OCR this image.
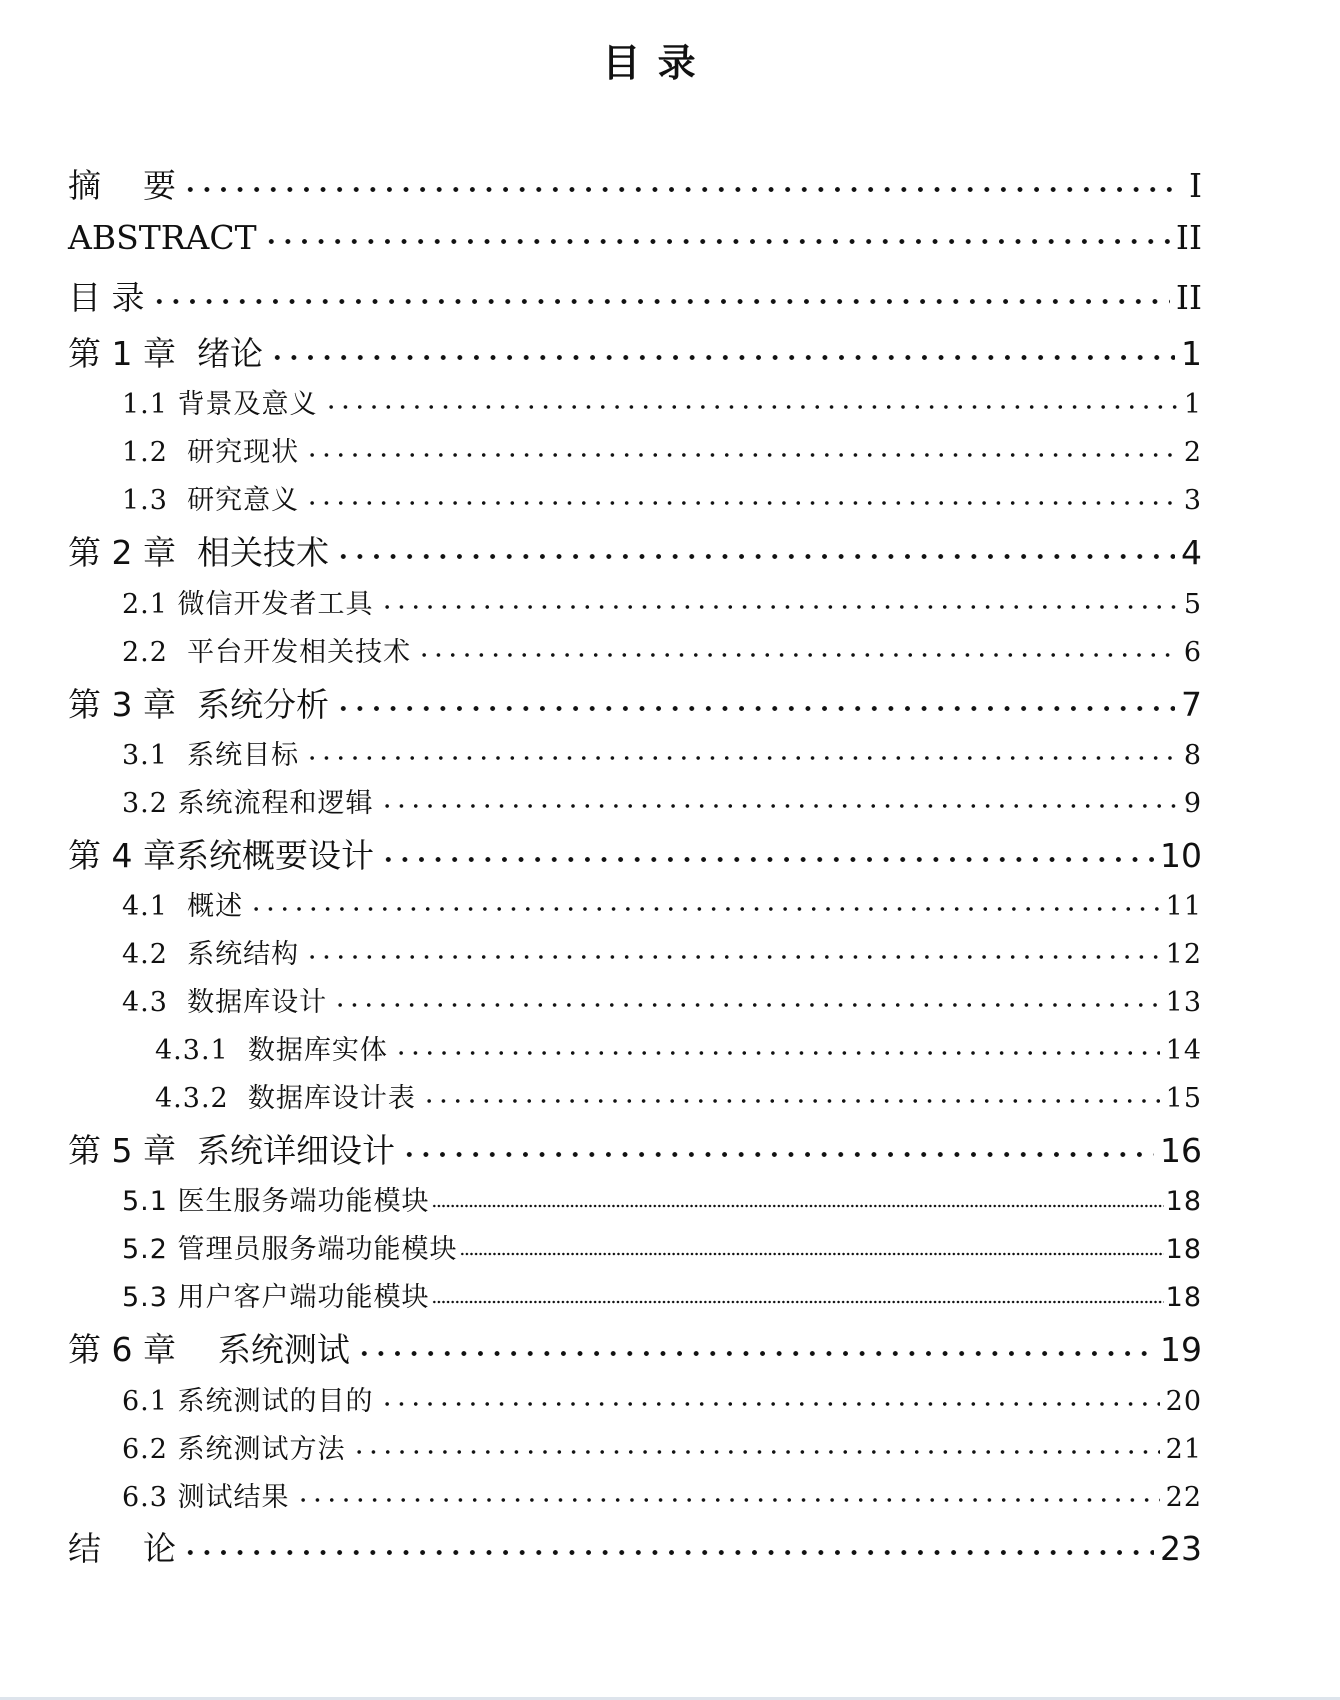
目 录
摘    要	I
ABSTRACT	II
目 录	II
第 1 章  绪论	1
1.1 背景及意义	1
1.2  研究现状	2
1.3  研究意义	3
第 2 章  相关技术	4
2.1 微信开发者工具	5
2.2  平台开发相关技术	6
第 3 章  系统分析	7
3.1  系统目标	8
3.2 系统流程和逻辑	9
第 4 章系统概要设计	10
4.1  概述	11
4.2  系统结构	12
4.3  数据库设计	13
4.3.1  数据库实体	14
4.3.2  数据库设计表	15
第 5 章  系统详细设计	16
5.1 医生服务端功能模块	18
5.2 管理员服务端功能模块	18
5.3 用户客户端功能模块	18
第 6 章    系统测试	19
6.1 系统测试的目的	20
6.2 系统测试方法	21
6.3 测试结果	22
结    论	23
